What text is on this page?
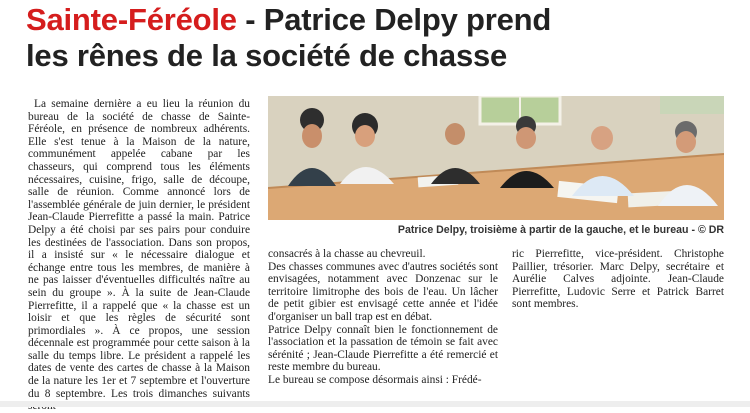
Sainte-Féréole - Patrice Delpy prend
les rênes de la société de chasse

La semaine dernière a eu lieu la réunion du bureau de la société de chasse de Sainte-Féréole, en présence de nombreux adhérents. Elle s'est tenue à la Maison de la nature, communément appelée cabane par les chasseurs, qui comprend tous les éléments nécessaires, cuisine, frigo, salle de découpe, salle de réunion. Comme annoncé lors de l'assemblée générale de juin dernier, le président Jean-Claude Pierrefitte a passé la main. Patrice Delpy a été choisi par ses pairs pour conduire les destinées de l'association. Dans son propos, il a insisté sur « le nécessaire dialogue et échange entre tous les membres, de manière à ne pas laisser d'éventuelles difficultés naître au sein du groupe ». À la suite de Jean-Claude Pierrefitte, il a rappelé que « la chasse est un loisir et que les règles de sécurité sont primordiales ». À ce propos, une session décennale est programmée pour cette saison à la salle du temps libre. Le président a rappelé les dates de vente des cartes de chasse à la Maison de la nature les 1er et 7 septembre et l'ouverture du 8 septembre. Les trois dimanches suivants

Patrice Delpy, troisième à partir de la gauche, et le bureau - © DR

consacrés à la chasse au chevreuil.

Des chasses communes avec d'autres sociétés sont envisagées, notamment avec Donzenac sur le territoire limitrophe des bois de l'eau. Un lâcher de petit gibier est envisagé cette année et l'idée d'organiser un ball trap est en débat.

Patrice Delpy connaît bien le fonctionnement de l'association et la passation de témoin se fait avec sérénité ; Jean-Claude Pierrefitte a été remercié et reste membre du bureau.

Le bureau se compose désormais ainsi : Frédé-

ric Pierrefitte, vice-président. Christophe Paillier, trésorier. Marc Delpy, secrétaire et Aurélie Calves adjointe. Jean-Claude Pierrefitte, Ludovic Serre et Patrick Barret sont membres.
